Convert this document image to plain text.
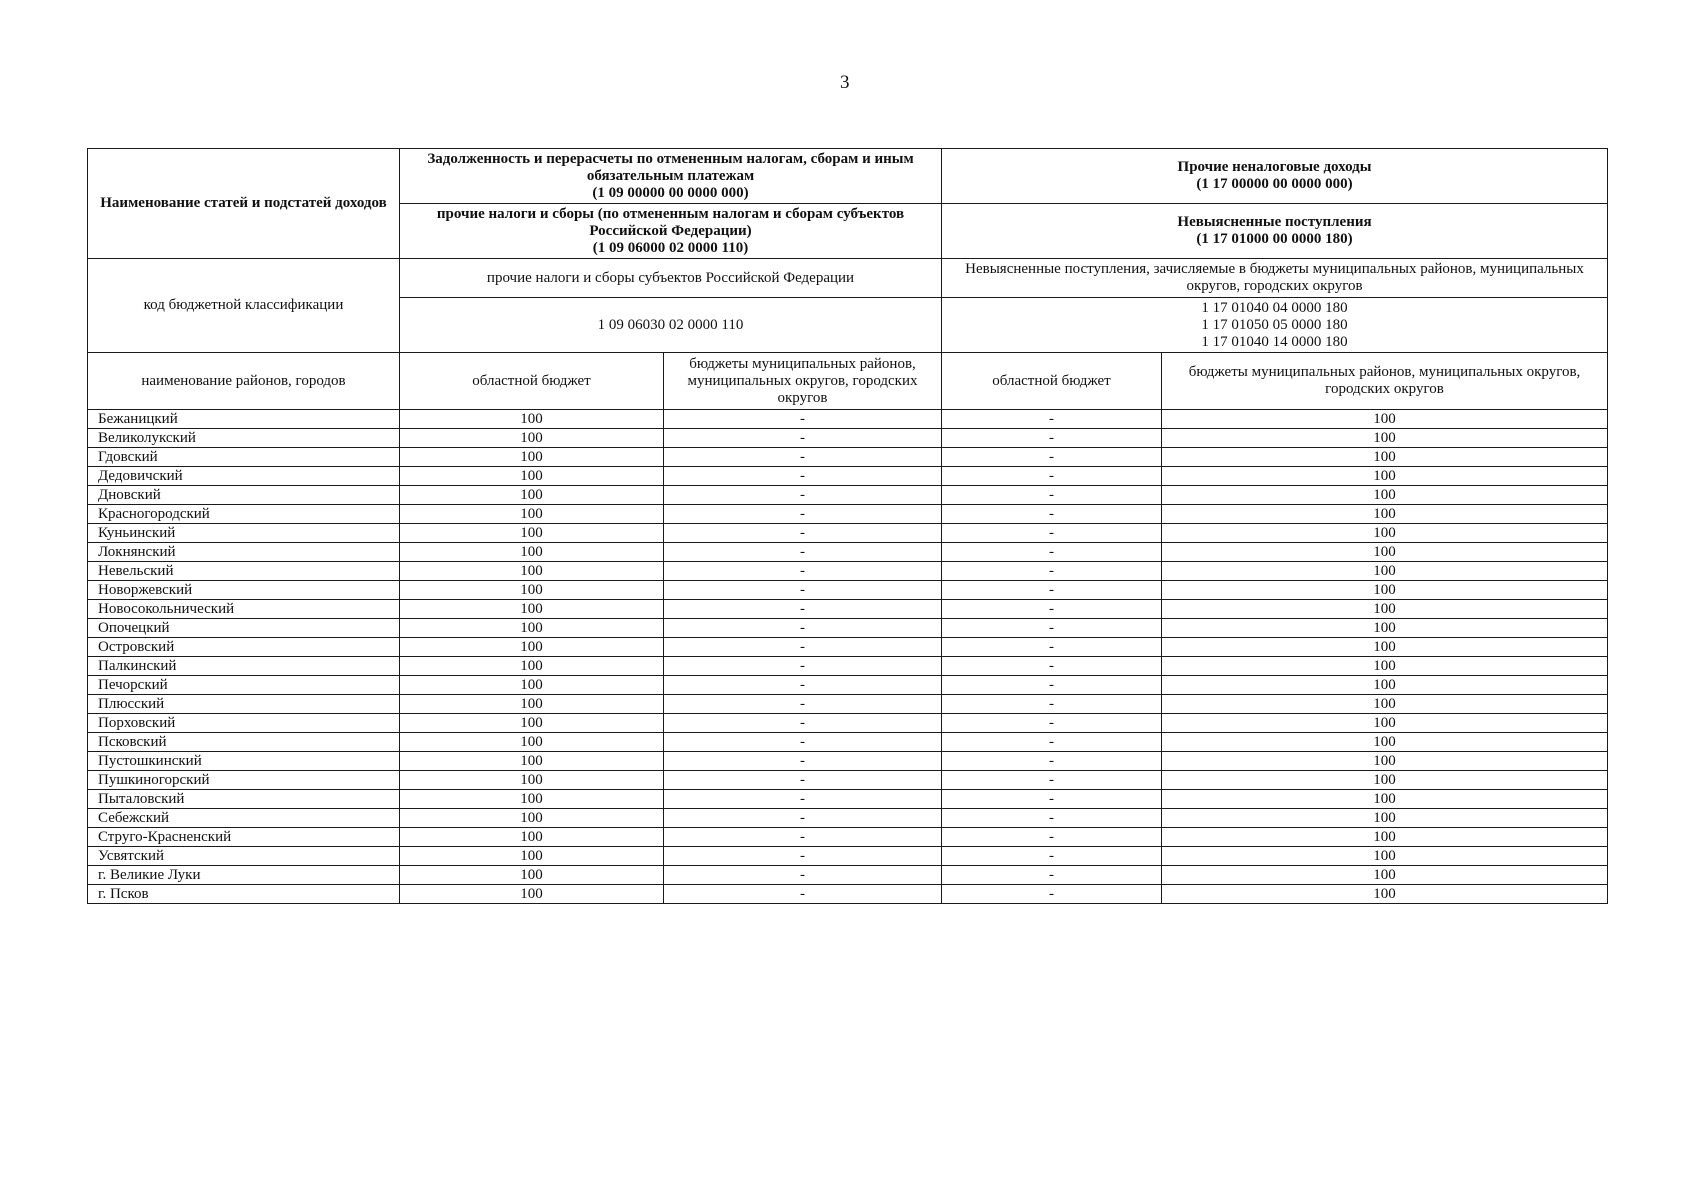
3
Наименование статей и подстатей доходов	Задолженность и перерасчеты по отмененным налогам, сборам и иным обязательным платежам
(1 09 00000 00 0000 000)		Прочие неналоговые доходы
(1 17 00000 00 0000 000)	

	прочие налоги и сборы (по отмененным налогам и сборам субъектов Российской Федерации)
(1 09 06000 02 0000 110)		Невыясненные поступления
(1 17 01000 00 0000 180)	

код бюджетной классификации	прочие налоги и сборы субъектов Российской Федерации		Невыясненные поступления, зачисляемые в бюджеты муниципальных районов, муниципальных округов, городских округов	
	1 09 06030 02 0000 110		1 17 01040 04 0000 180
1 17 01050 05 0000 180
1 17 01040 14 0000 180	

наименование районов, городов	областной бюджет	бюджеты муниципальных районов, муниципальных округов, городских округов	областной бюджет	бюджеты муниципальных районов, муниципальных округов, городских округов
Бежаницкий	100	-	-	100
Великолукский	100	-	-	100
Гдовский	100	-	-	100
Дедовичский	100	-	-	100
Дновский	100	-	-	100
Красногородский	100	-	-	100
Куньинский	100	-	-	100
Локнянский	100	-	-	100
Невельский	100	-	-	100
Новоржевский	100	-	-	100
Новосокольнический	100	-	-	100
Опочецкий	100	-	-	100
Островский	100	-	-	100
Палкинский	100	-	-	100
Печорский	100	-	-	100
Плюсский	100	-	-	100
Порховский	100	-	-	100
Псковский	100	-	-	100
Пустошкинский	100	-	-	100
Пушкиногорский	100	-	-	100
Пыталовский	100	-	-	100
Себежский	100	-	-	100
Струго-Красненский	100	-	-	100
Усвятский	100	-	-	100
г. Великие Луки	100	-	-	100
г. Псков	100	-	-	100
